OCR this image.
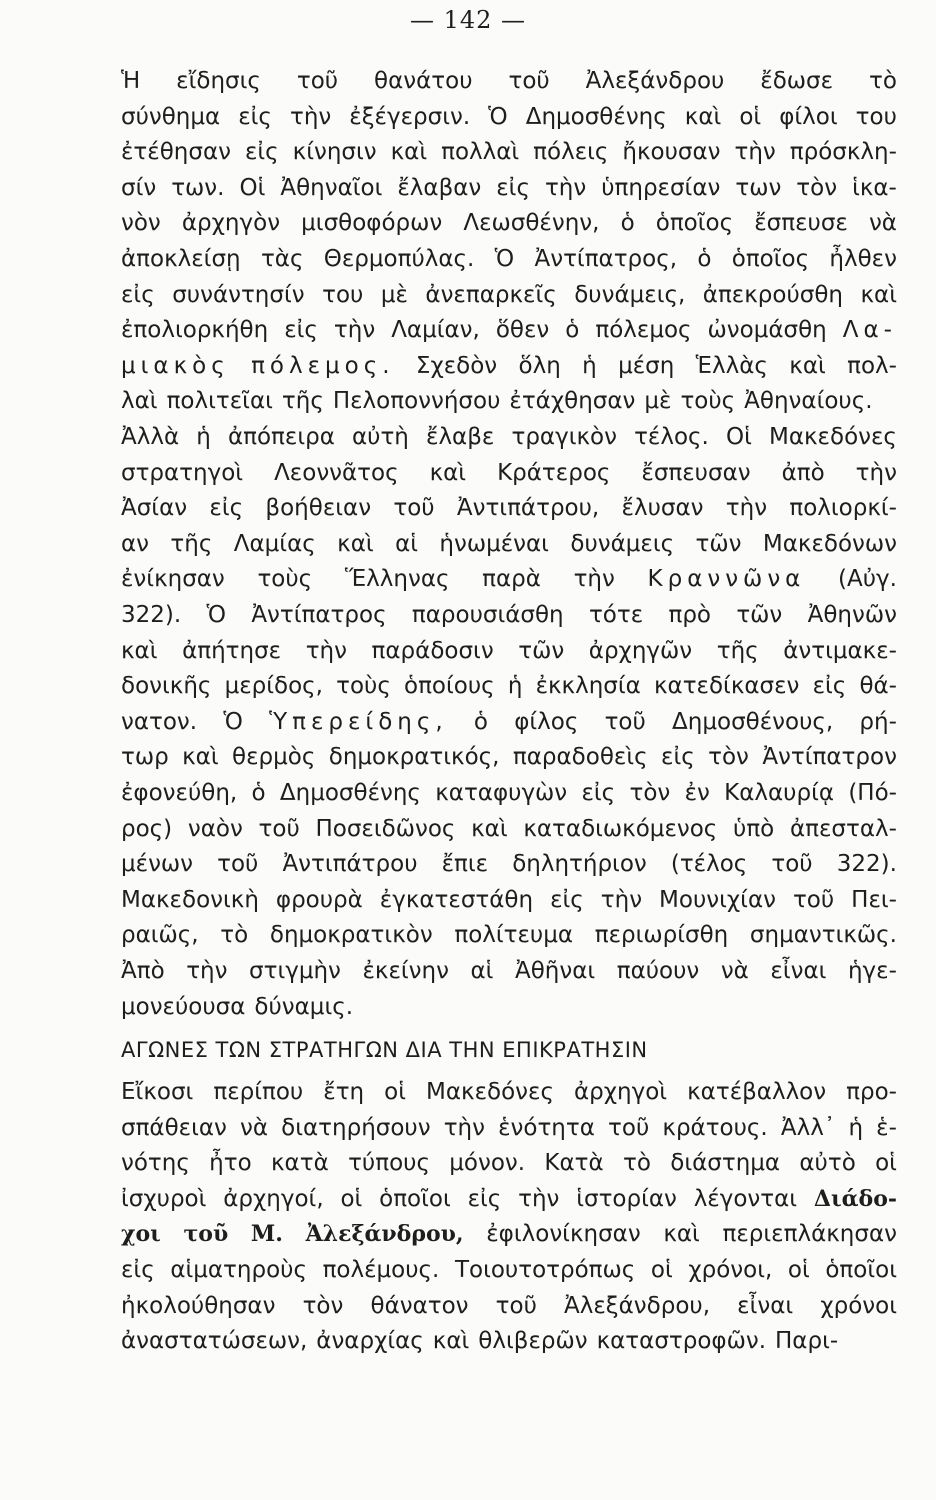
— 142 —
Ἡ εἴδησις τοῦ θανάτου τοῦ Ἀλεξάνδρου ἔδωσε τὸ
σύνθημα εἰς τὴν ἐξέγερσιν. Ὁ Δημοσθένης καὶ οἱ φίλοι του
ἐτέθησαν εἰς κίνησιν καὶ πολλαὶ πόλεις ἤκουσαν τὴν πρόσκλη-
σίν των. Οἱ Ἀθηναῖοι ἔλαβαν εἰς τὴν ὑπηρεσίαν των τὸν ἱκα-
νὸν ἀρχηγὸν μισθοφόρων Λεωσθένην, ὁ ὁποῖος ἔσπευσε νὰ
ἀποκλείσῃ τὰς Θερμοπύλας. Ὁ Ἀντίπατρος, ὁ ὁποῖος ἦλθεν
εἰς συνάντησίν του μὲ ἀνεπαρκεῖς δυνάμεις, ἀπεκρούσθη καὶ
ἐπολιορκήθη εἰς τὴν Λαμίαν, ὅθεν ὁ πόλεμος ὠνομάσθη Λα-
μιακὸς πόλεμος. Σχεδὸν ὅλη ἡ μέση Ἑλλὰς καὶ πολ-
λαὶ πολιτεῖαι τῆς Πελοποννήσου ἐτάχθησαν μὲ τοὺς Ἀθηναίους.
Ἀλλὰ ἡ ἀπόπειρα αὐτὴ ἔλαβε τραγικὸν τέλος. Οἱ Μακεδόνες
στρατηγοὶ Λεοννᾶτος καὶ Κράτερος ἔσπευσαν ἀπὸ τὴν
Ἀσίαν εἰς βοήθειαν τοῦ Ἀντιπάτρου, ἔλυσαν τὴν πολιορκί-
αν τῆς Λαμίας καὶ αἱ ἡνωμέναι δυνάμεις τῶν Μακεδόνων
ἐνίκησαν τοὺς Ἕλληνας παρὰ τὴν Κραννῶνα (Αὐγ.
322). Ὁ Ἀντίπατρος παρουσιάσθη τότε πρὸ τῶν Ἀθηνῶν
καὶ ἀπήτησε τὴν παράδοσιν τῶν ἀρχηγῶν τῆς ἀντιμακε-
δονικῆς μερίδος, τοὺς ὁποίους ἡ ἐκκλησία κατεδίκασεν εἰς θά-
νατον. Ὁ Ὑπερείδης, ὁ φίλος τοῦ Δημοσθένους, ρή-
τωρ καὶ θερμὸς δημοκρατικός, παραδοθεὶς εἰς τὸν Ἀντίπατρον
ἐφονεύθη, ὁ Δημοσθένης καταφυγὼν εἰς τὸν ἐν Καλαυρίᾳ (Πό-
ρος) ναὸν τοῦ Ποσειδῶνος καὶ καταδιωκόμενος ὑπὸ ἀπεσταλ-
μένων τοῦ Ἀντιπάτρου ἔπιε δηλητήριον (τέλος τοῦ 322).
Μακεδονικὴ φρουρὰ ἐγκατεστάθη εἰς τὴν Μουνιχίαν τοῦ Πει-
ραιῶς, τὸ δημοκρατικὸν πολίτευμα περιωρίσθη σημαντικῶς.
Ἀπὸ τὴν στιγμὴν ἐκείνην αἱ Ἀθῆναι παύουν νὰ εἶναι ἡγε-
μονεύουσα δύναμις.
ΑΓΩΝΕΣ ΤΩΝ ΣΤΡΑΤΗΓΩΝ ΔΙΑ ΤΗΝ ΕΠΙΚΡΑΤΗΣΙΝ
Εἴκοσι περίπου ἔτη οἱ Μακεδόνες ἀρχηγοὶ κατέβαλλον προ-
σπάθειαν νὰ διατηρήσουν τὴν ἑνότητα τοῦ κράτους. Ἀλλ᾽ ἡ ἑ-
νότης ἦτο κατὰ τύπους μόνον. Κατὰ τὸ διάστημα αὐτὸ οἱ
ἰσχυροὶ ἀρχηγοί, οἱ ὁποῖοι εἰς τὴν ἱστορίαν λέγονται Διάδο-
χοι τοῦ Μ. Ἀλεξάνδρου, ἐφιλονίκησαν καὶ περιεπλάκησαν
εἰς αἱματηροὺς πολέμους. Τοιουτοτρόπως οἱ χρόνοι, οἱ ὁποῖοι
ἠκολούθησαν τὸν θάνατον τοῦ Ἀλεξάνδρου, εἶναι χρόνοι
ἀναστατώσεων, ἀναρχίας καὶ θλιβερῶν καταστροφῶν. Παρι-
